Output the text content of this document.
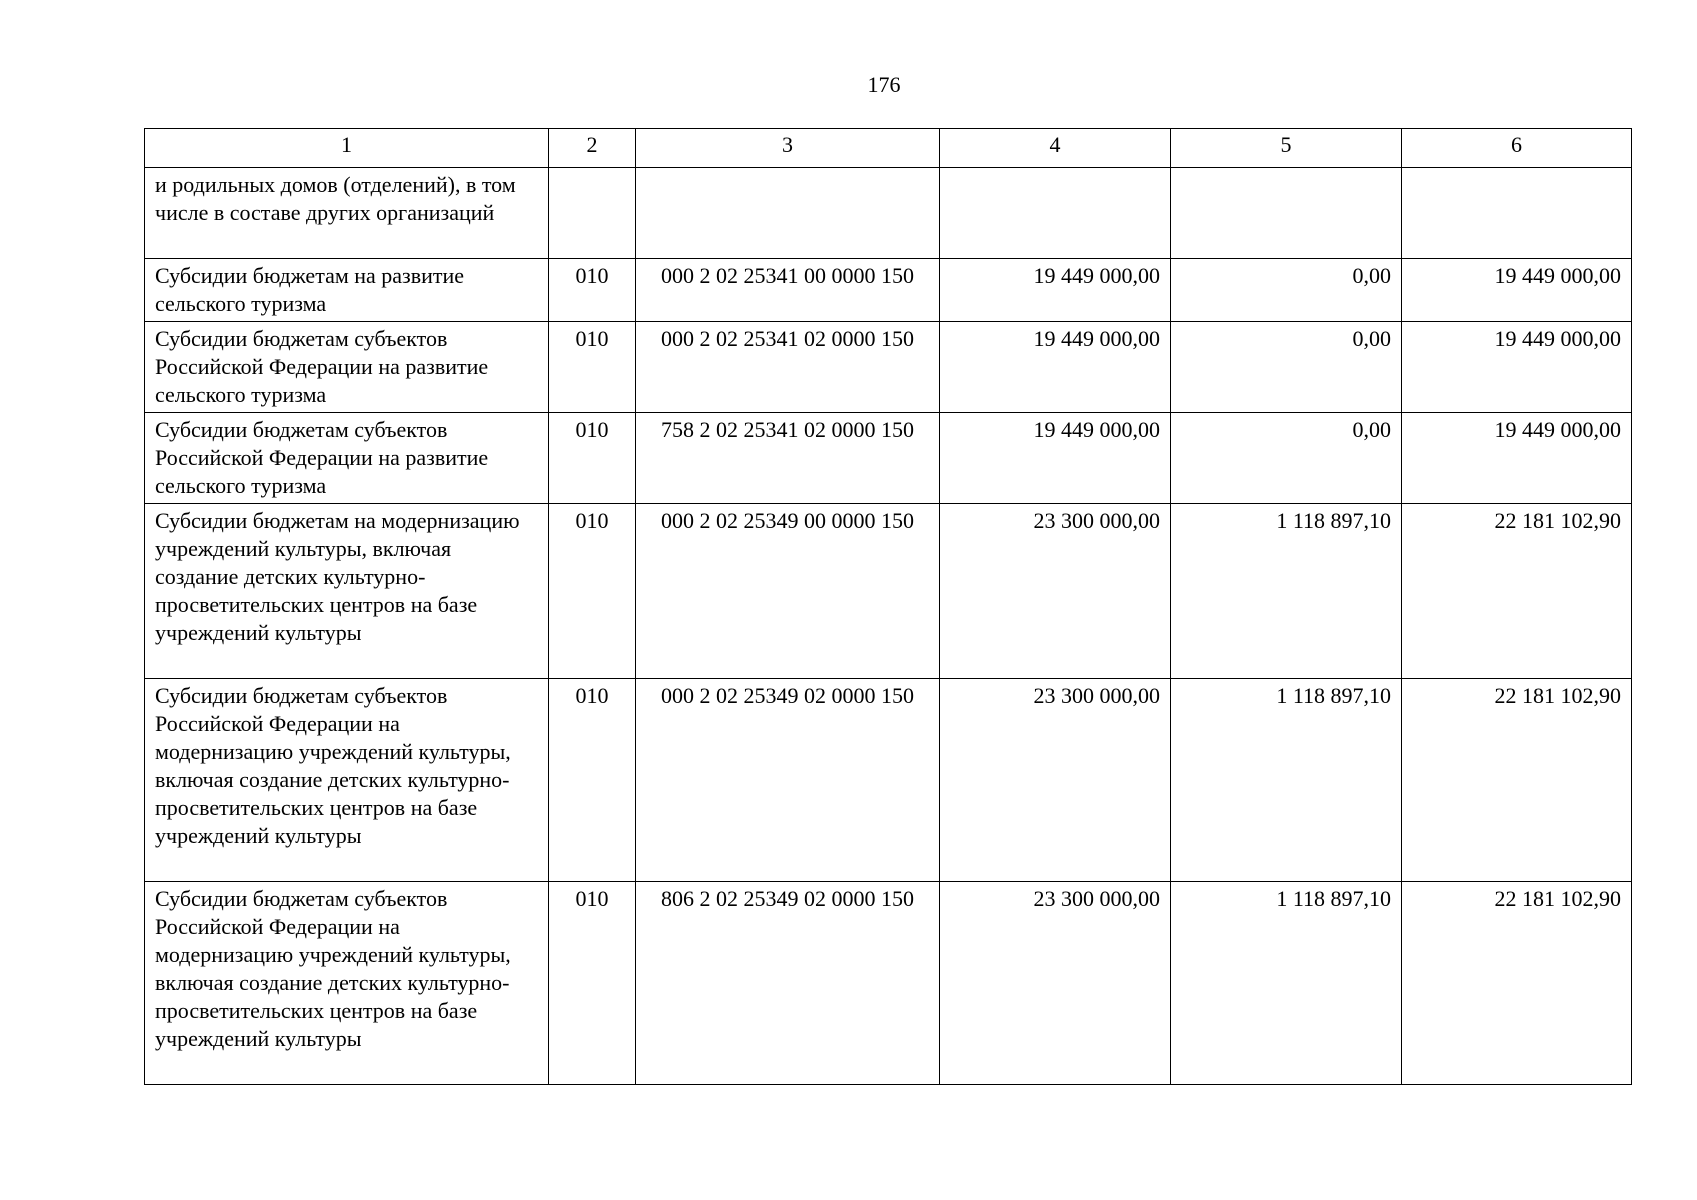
176
1	2	3	4	5	6
и родильных домов (отделений), в том числе в составе других организаций					
Субсидии бюджетам на развитие сельского туризма	010	000 2 02 25341 00 0000 150	19 449 000,00	0,00	19 449 000,00
Субсидии бюджетам субъектов Российской Федерации на развитие сельского туризма	010	000 2 02 25341 02 0000 150	19 449 000,00	0,00	19 449 000,00
Субсидии бюджетам субъектов Российской Федерации на развитие сельского туризма	010	758 2 02 25341 02 0000 150	19 449 000,00	0,00	19 449 000,00
Субсидии бюджетам на модернизацию учреждений культуры, включая создание детских культурно-просветительских центров на базе учреждений культуры	010	000 2 02 25349 00 0000 150	23 300 000,00	1 118 897,10	22 181 102,90
Субсидии бюджетам субъектов Российской Федерации на модернизацию учреждений культуры, включая создание детских культурно-просветительских центров на базе учреждений культуры	010	000 2 02 25349 02 0000 150	23 300 000,00	1 118 897,10	22 181 102,90
Субсидии бюджетам субъектов Российской Федерации на модернизацию учреждений культуры, включая создание детских культурно-просветительских центров на базе учреждений культуры	010	806 2 02 25349 02 0000 150	23 300 000,00	1 118 897,10	22 181 102,90
